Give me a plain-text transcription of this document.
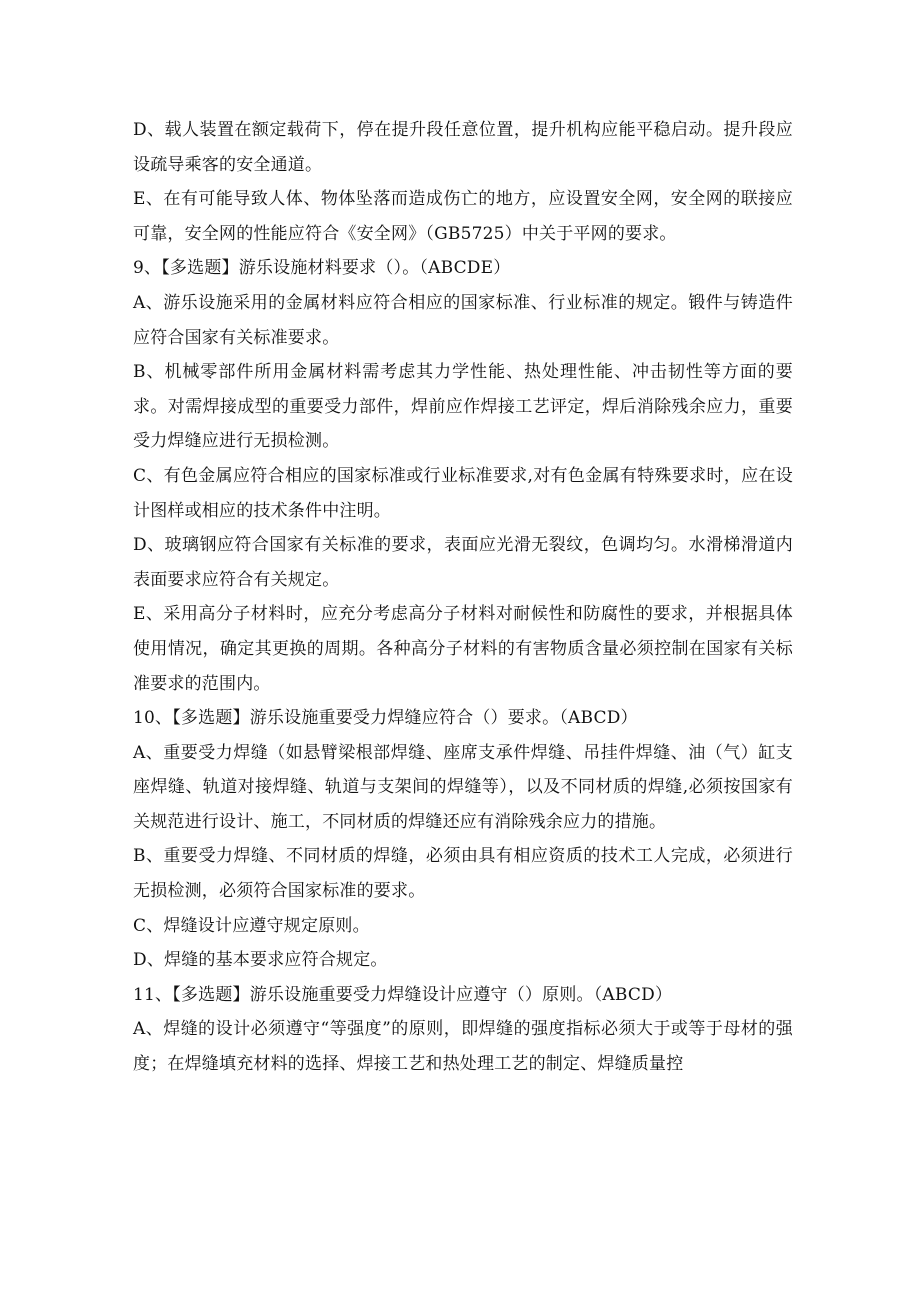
D、载人装置在额定载荷下，停在提升段任意位置，提升机构应能平稳启动。提升段应设疏导乘客的安全通道。

E、在有可能导致人体、物体坠落而造成伤亡的地方，应设置安全网，安全网的联接应可靠，安全网的性能应符合《安全网》（GB5725）中关于平网的要求。

9、【多选题】游乐设施材料要求（）。（ABCDE）

A、游乐设施采用的金属材料应符合相应的国家标准、行业标准的规定。锻件与铸造件应符合国家有关标准要求。

B、机械零部件所用金属材料需考虑其力学性能、热处理性能、冲击韧性等方面的要求。对需焊接成型的重要受力部件，焊前应作焊接工艺评定，焊后消除残余应力，重要受力焊缝应进行无损检测。

C、有色金属应符合相应的国家标准或行业标准要求,对有色金属有特殊要求时，应在设计图样或相应的技术条件中注明。

D、玻璃钢应符合国家有关标准的要求，表面应光滑无裂纹，色调均匀。水滑梯滑道内表面要求应符合有关规定。

E、采用高分子材料时，应充分考虑高分子材料对耐候性和防腐性的要求，并根据具体使用情况，确定其更换的周期。各种高分子材料的有害物质含量必须控制在国家有关标准要求的范围内。

10、【多选题】游乐设施重要受力焊缝应符合（）要求。（ABCD）

A、重要受力焊缝（如悬臂梁根部焊缝、座席支承件焊缝、吊挂件焊缝、油（气）缸支座焊缝、轨道对接焊缝、轨道与支架间的焊缝等），以及不同材质的焊缝,必须按国家有关规范进行设计、施工，不同材质的焊缝还应有消除残余应力的措施。

B、重要受力焊缝、不同材质的焊缝，必须由具有相应资质的技术工人完成，必须进行无损检测，必须符合国家标准的要求。

C、焊缝设计应遵守规定原则。

D、焊缝的基本要求应符合规定。

11、【多选题】游乐设施重要受力焊缝设计应遵守（）原则。（ABCD）

A、焊缝的设计必须遵守“等强度”的原则，即焊缝的强度指标必须大于或等于母材的强度；在焊缝填充材料的选择、焊接工艺和热处理工艺的制定、焊缝质量控
